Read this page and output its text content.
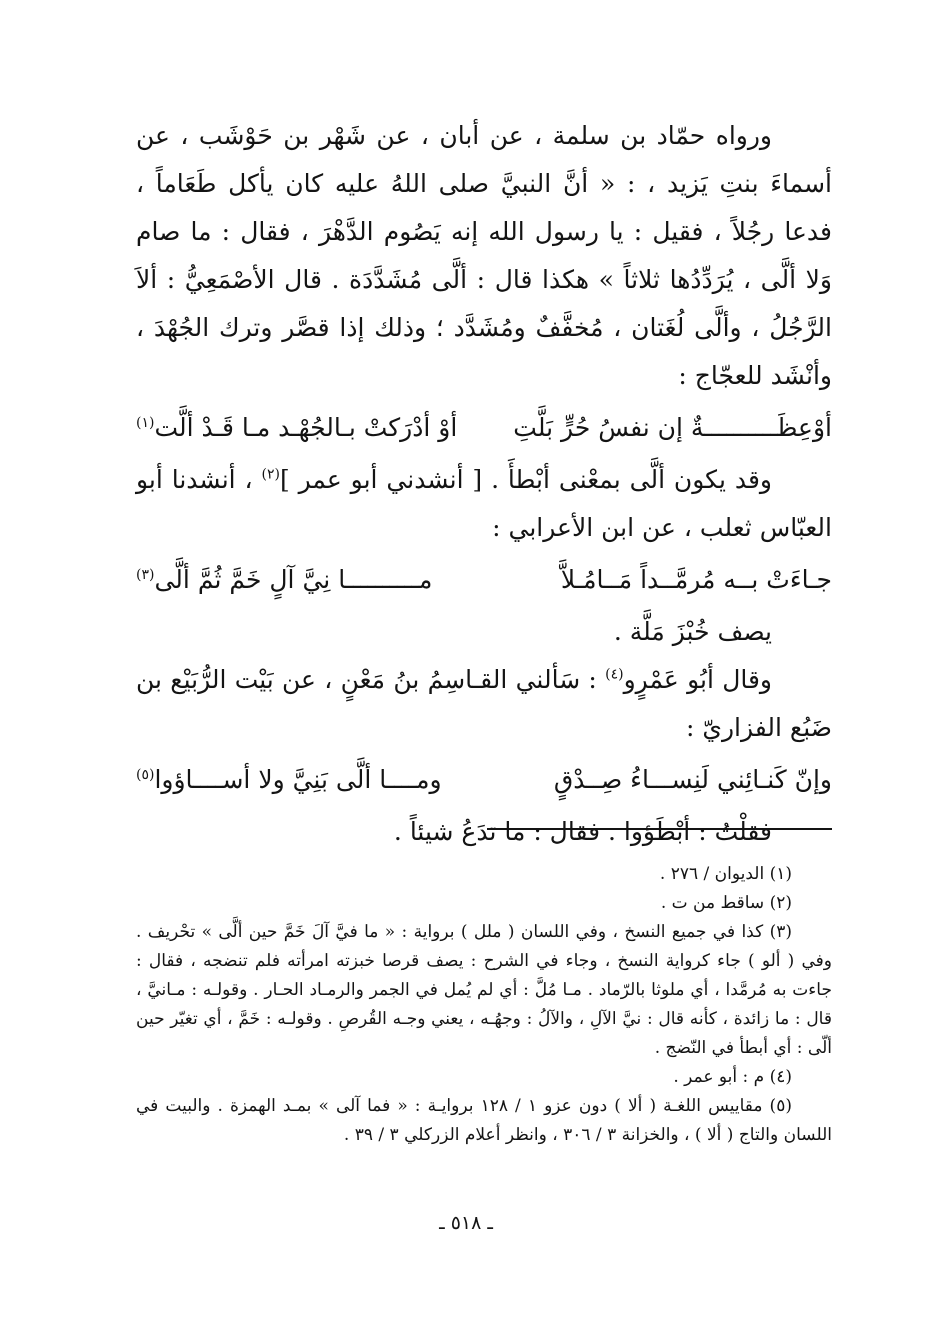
ورواه حمّاد بن سلمة ، عن أبان ، عن شَهْر بن حَوْشَب ، عن أسماءَ بنتِ يَزيد ، : « أنَّ النبيَّ صلى اللهُ عليه كان يأكل طَعَاماً ، فدعا رجُلاً ، فقيل : يا رسول الله إنه يَصُوم الدَّهْرَ ، فقال : ما صام وَلا ألَّى ، يُرَدِّدُها ثلاثاً » هكذا قال : ألَّى مُشَدَّدَة . قال الأصْمَعِيُّ : ألاَ الرَّجُلُ ، وألَّى لُغَتان ، مُخفَّفٌ ومُشَدَّد ؛ وذلك إذا قصَّر وترك الجُهْدَ ، وأنْشَد للعجّاج :

أوْعِظَــــــــــةٌ إن نفسُ حُرٍّ بَلَّتِ
أوْ أدْرَكتْ بـالجُهْـد مـا قَـدْ ألَّت(١)

وقد يكون ألَّى بمعْنى أبْطأَ . [ أنشدني أبو عمر ]$^{(٢)}$ ، أنشدنا أبو العبّاس ثعلب ، عن ابن الأعرابي :

جـاءَتْ بــه مُرمَّــداً مَــامُـلاَّ
مــــــــــا نِيَّ آلٍ خَمَّ ثُمَّ ألَّى(٣)

يصف خُبْزَ مَلَّة .

وقال أبُو عَمْرٍو$^{(٤)}$ : سَألني القـاسِمُ بنُ مَعْنٍ ، عن بَيْت الرُّبَيْع بن ضَبُع الفزاريّ :

وإنّ كَنـائِني لَنِســـاءُ صِــدْقٍ
ومــــا ألَّى بَنِيَّ ولا أســــاؤوا(٥)

فقلْتُ : أبْطَؤوا . فقال : ما تدَعُ شيئاً .

(١) الديوان / ٢٧٦ .

(٢) ساقط من ت .

(٣) كذا في جميع النسخ ، وفي اللسان ( ملل ) برواية : « ما فيَّ آلَ خَمَّ حين ألَّى » تحْريف . وفي ( ألو ) جاء كرواية النسخ ، وجاء في الشرح : يصف قرصا خبزته امرأته فلم تنضجه ، فقال : جاءت به مُرمَّدا ، أي ملوثا بالرّماد . مـا مُلَّ : أي لم يُمل في الجمر والرمـاد الحـار . وقولـه : مـانيَّ ، قال : ما زائدة ، كأنه قال : نيَّ الآلِ ، والآلُ : وجهُـه ، يعني وجـه القُرصِ . وقولـه : خَمَّ ، أي تغيّر حين ألّى : أي أبطأ في النّضج .

(٤) م : أبو عمر .

(٥) مقاييس اللغـة ( ألا ) دون عزو ١ / ١٢٨ بروايـة : « فما آلى » بمـد الهمزة . والبيت في اللسان والتاج ( ألا ) ، والخزانة ٣ / ٣٠٦ ، وانظر أعلام الزركلي ٣ / ٣٩ .

ـ ٥١٨ ـ
